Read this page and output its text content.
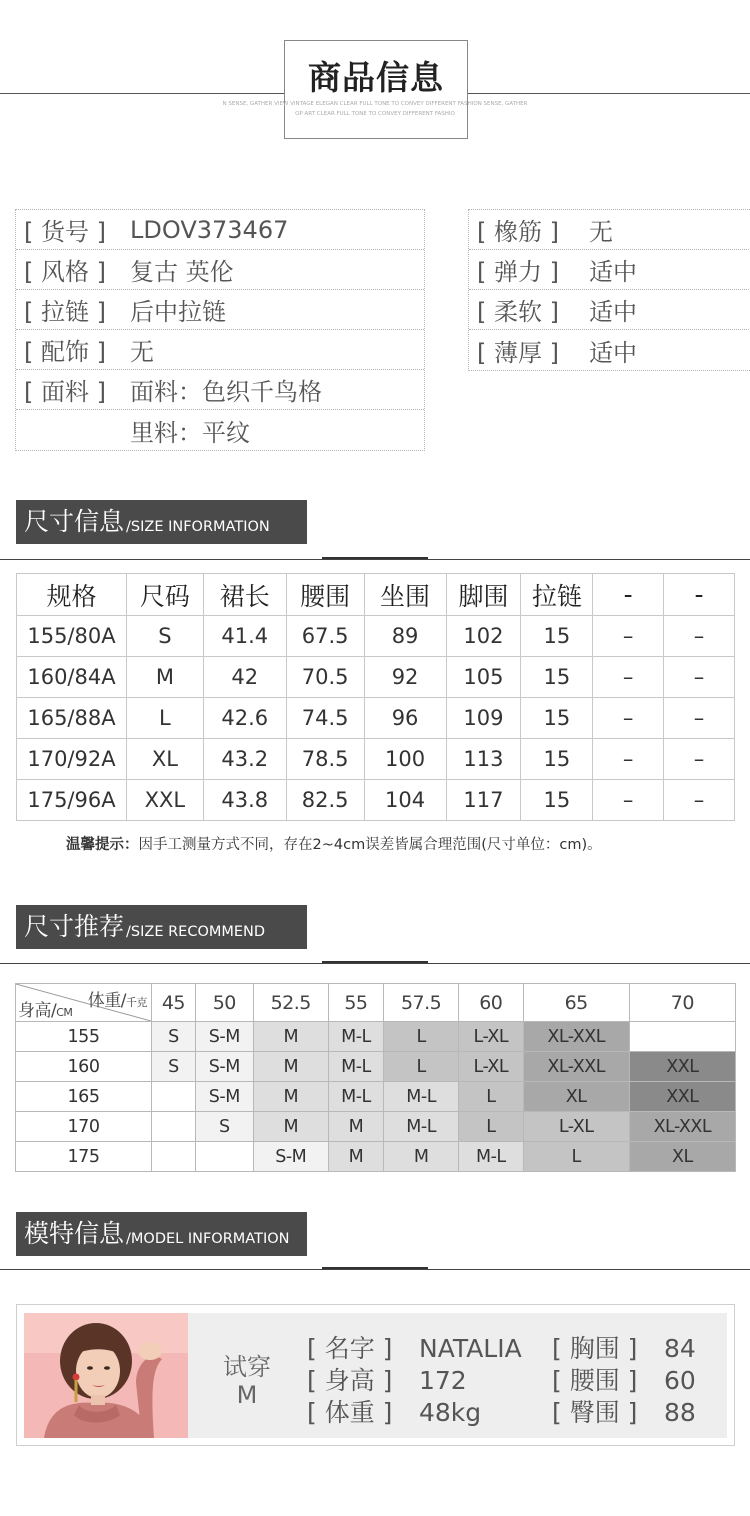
商品信息
N SENSE, GATHER VIEW VINTAGE ELEGAN CLEAR FULL TONE TO CONVEY DIFFERENT FASHION SENSE, GATHER
OP ART CLEAR FULL TONE TO CONVEY DIFFERENT FASHIO
[ 货号 ]	LDOV373467
[ 风格 ]	复古 英伦
[ 拉链 ]	后中拉链
[ 配饰 ]	无
[ 面料 ]	面料：色织千鸟格
里料：平纹
[ 橡筋 ]	无
[ 弹力 ]	适中
[ 柔软 ]	适中
[ 薄厚 ]	适中
尺寸信息 /SIZE INFORMATION
规格	尺码	裙长	腰围	坐围	脚围	拉链	-	-
155/80A	S	41.4	67.5	89	102	15	–	–
160/84A	M	42	70.5	92	105	15	–	–
165/88A	L	42.6	74.5	96	109	15	–	–
170/92A	XL	43.2	78.5	100	113	15	–	–
175/96A	XXL	43.8	82.5	104	117	15	–	–
温馨提示：因手工测量方式不同，存在2~4cm误差皆属合理范围(尺寸单位：cm)。
尺寸推荐 /SIZE RECOMMEND
体重/千克
身高/CM	45	50	52.5	55	57.5	60	65	70
155	S	S-M	M	M-L	L	L-XL	XL-XXL	
160	S	S-M	M	M-L	L	L-XL	XL-XXL	XXL
165		S-M	M	M-L	M-L	L	XL	XXL
170		S	M	M	M-L	L	L-XL	XL-XXL
175			S-M	M	M	M-L	L	XL
模特信息 /MODEL INFORMATION
试穿
M
[ 名字 ] NATALIA
[ 身高 ] 172
[ 体重 ] 48kg
[ 胸围 ] 84
[ 腰围 ] 60
[ 臀围 ] 88
